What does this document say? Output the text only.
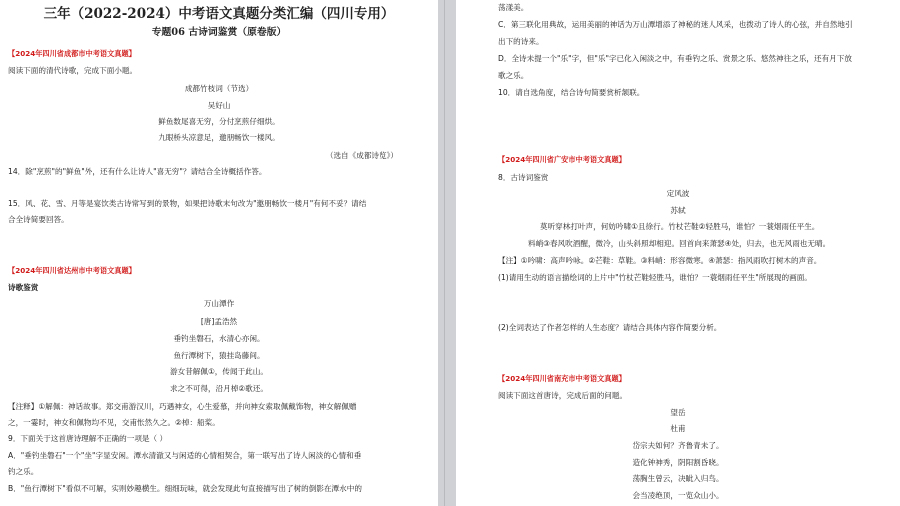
三年（2022-2024）中考语文真题分类汇编（四川专用）
专题06 古诗词鉴赏（原卷版）
【2024年四川省成都市中考语文真题】
阅读下面的清代诗歌，完成下面小题。
成都竹枝词（节选）
吴好山
鲜鱼数尾喜无穷，分付烹煎仔细烘。
九眼桥头凉意足，邀朋畅饮一楼风。
（选自《成都诗览》）
14．除"烹煎"的"鲜鱼"外，还有什么让诗人"喜无穷"？请结合全诗概括作答。
15．风、花、雪、月等是宴饮类古诗常写到的景物，如果把诗歌末句改为"邀朋畅饮一楼月"有何不妥？请结
合全诗简要回答。
【2024年四川省达州市中考语文真题】
诗歌鉴赏
万山潭作
[唐]孟浩然
垂钓坐磐石，水清心亦闲。
鱼行潭树下，猿挂岛藤间。
游女昔解佩①，传闻于此山。
求之不可得，沿月棹②歌还。
【注释】①解佩：神话故事。郑交甫游汉川，巧遇神女，心生爱慕，并向神女索取佩戴饰物，神女解佩赠
之，一霎时，神女和佩物均不见，交甫怅然久之。②棹：船桨。
9．下面关于这首唐诗理解不正确的一项是（ ）
A．"垂钓坐磐石"一个"坐"字显安闲。潭水清澈又与闲适的心情相契合，第一联写出了诗人闲淡的心情和垂
钓之乐。
B．"鱼行潭树下"看似不可解，实则妙趣横生。细细玩味，就会发现此句直接描写出了树的倒影在潭水中的
荡漾美。
C．第三联化用典故，运用美丽的神话为万山潭增添了神秘的迷人风采，也拨动了诗人的心弦，并自然地引
出下的诗来。
D．全诗未提一个"乐"字，但"乐"字已化入闲淡之中，有垂钓之乐、赏景之乐、悠然神往之乐，还有月下放
歌之乐。
10．请自选角度，结合诗句简要赏析颔联。
【2024年四川省广安市中考语文真题】
8．古诗词鉴赏
定风波
苏轼
莫听穿林打叶声，何妨吟啸①且徐行。竹杖芒鞋②轻胜马，谁怕？一蓑烟雨任平生。
料峭③春风吹酒醒，微冷，山头斜照却相迎。回首向来萧瑟④处，归去，也无风雨也无晴。
【注】①吟啸：高声吟咏。②芒鞋：草鞋。③料峭：形容微寒。④萧瑟：指风雨吹打树木的声音。
(1)请用生动的语言描绘词的上片中"竹杖芒鞋轻胜马，谁怕？一蓑烟雨任平生"所展现的画面。
(2)全词表达了作者怎样的人生态度？请结合具体内容作简要分析。
【2024年四川省南充市中考语文真题】
阅读下面这首唐诗，完成后面的问题。
望岳
杜甫
岱宗夫如何？齐鲁青未了。
造化钟神秀，阴阳割昏晓。
荡胸生曾云，决眦入归鸟。
会当凌绝顶，一览众山小。
